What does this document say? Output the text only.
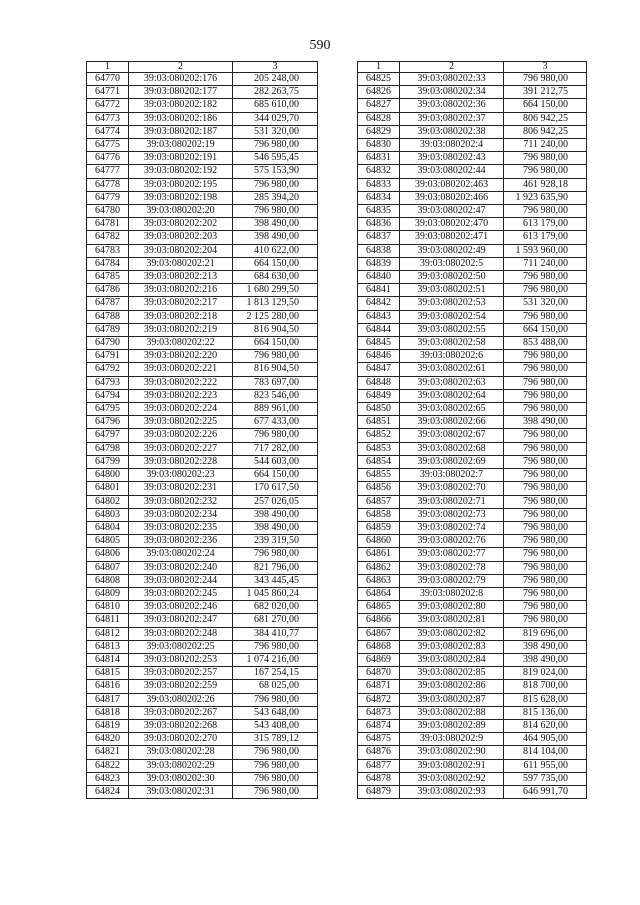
590
1	2	3
64770	39:03:080202:176	205 248,00
64771	39:03:080202:177	282 263,75
64772	39:03:080202:182	685 610,00
64773	39:03:080202:186	344 029,70
64774	39:03:080202:187	531 320,00
64775	39:03:080202:19	796 980,00
64776	39:03:080202:191	546 595,45
64777	39:03:080202:192	575 153,90
64778	39:03:080202:195	796 980,00
64779	39:03:080202:198	285 394,20
64780	39:03:080202:20	796 980,00
64781	39:03:080202:202	398 490,00
64782	39:03:080202:203	398 490,00
64783	39:03:080202:204	410 622,00
64784	39:03:080202:21	664 150,00
64785	39:03:080202:213	684 630,00
64786	39:03:080202:216	1 680 299,50
64787	39:03:080202:217	1 813 129,50
64788	39:03:080202:218	2 125 280,00
64789	39:03:080202:219	816 904,50
64790	39:03:080202:22	664 150,00
64791	39:03:080202:220	796 980,00
64792	39:03:080202:221	816 904,50
64793	39:03:080202:222	783 697,00
64794	39:03:080202:223	823 546,00
64795	39:03:080202:224	889 961,00
64796	39:03:080202:225	677 433,00
64797	39:03:080202:226	796 980,00
64798	39:03:080202:227	717 282,00
64799	39:03:080202:228	544 603,00
64800	39:03:080202:23	664 150,00
64801	39:03:080202:231	170 617,50
64802	39:03:080202:232	257 026,05
64803	39:03:080202:234	398 490,00
64804	39:03:080202:235	398 490,00
64805	39:03:080202:236	239 319,50
64806	39:03:080202:24	796 980,00
64807	39:03:080202:240	821 796,00
64808	39:03:080202:244	343 445,45
64809	39:03:080202:245	1 045 860,24
64810	39:03:080202:246	682 020,00
64811	39:03:080202:247	681 270,00
64812	39:03:080202:248	384 410,77
64813	39:03:080202:25	796 980,00
64814	39:03:080202:253	1 074 216,00
64815	39:03:080202:257	167 254,15
64816	39:03:080202:259	68 025,00
64817	39:03:080202:26	796 980,00
64818	39:03:080202:267	543 648,00
64819	39:03:080202:268	543 408,00
64820	39:03:080202:270	315 789,12
64821	39:03:080202:28	796 980,00
64822	39:03:080202:29	796 980,00
64823	39:03:080202:30	796 980,00
64824	39:03:080202:31	796 980,00
1	2	3
64825	39:03:080202:33	796 980,00
64826	39:03:080202:34	391 212,75
64827	39:03:080202:36	664 150,00
64828	39:03:080202:37	806 942,25
64829	39:03:080202:38	806 942,25
64830	39:03:080202:4	711 240,00
64831	39:03:080202:43	796 980,00
64832	39:03:080202:44	796 980,00
64833	39:03:080202:463	461 928,18
64834	39:03:080202:466	1 923 635,90
64835	39:03:080202:47	796 980,00
64836	39:03:080202:470	613 179,00
64837	39:03:080202:471	613 179,00
64838	39:03:080202:49	1 593 960,00
64839	39:03:080202:5	711 240,00
64840	39:03:080202:50	796 980,00
64841	39:03:080202:51	796 980,00
64842	39:03:080202:53	531 320,00
64843	39:03:080202:54	796 980,00
64844	39:03:080202:55	664 150,00
64845	39:03:080202:58	853 488,00
64846	39:03:080202:6	796 980,00
64847	39:03:080202:61	796 980,00
64848	39:03:080202:63	796 980,00
64849	39:03:080202:64	796 980,00
64850	39:03:080202:65	796 980,00
64851	39:03:080202:66	398 490,00
64852	39:03:080202:67	796 980,00
64853	39:03:080202:68	796 980,00
64854	39:03:080202:69	796 980,00
64855	39:03:080202:7	796 980,00
64856	39:03:080202:70	796 980,00
64857	39:03:080202:71	796 980,00
64858	39:03:080202:73	796 980,00
64859	39:03:080202:74	796 980,00
64860	39:03:080202:76	796 980,00
64861	39:03:080202:77	796 980,00
64862	39:03:080202:78	796 980,00
64863	39:03:080202:79	796 980,00
64864	39:03:080202:8	796 980,00
64865	39:03:080202:80	796 980,00
64866	39:03:080202:81	796 980,00
64867	39:03:080202:82	819 696,00
64868	39:03:080202:83	398 490,00
64869	39:03:080202:84	398 490,00
64870	39:03:080202:85	819 024,00
64871	39:03:080202:86	818 700,00
64872	39:03:080202:87	815 628,00
64873	39:03:080202:88	815 136,00
64874	39:03:080202:89	814 620,00
64875	39:03:080202:9	464 905,00
64876	39:03:080202:90	814 104,00
64877	39:03:080202:91	611 955,00
64878	39:03:080202:92	597 735,00
64879	39:03:080202:93	646 991,70
